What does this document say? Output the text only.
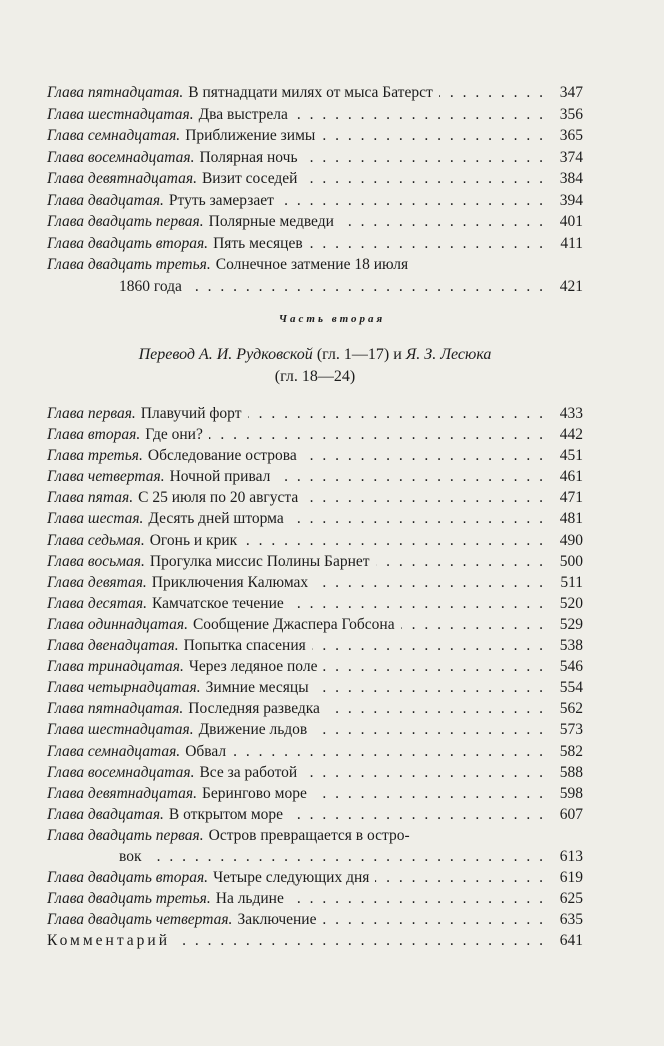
Глава пятнадцатая. В пятнадцати милях от мыса Батерст . . .	347
Глава шестнадцатая. Два выстрела . . .	356
Глава семнадцатая. Приближение зимы . . .	365
Глава восемнадцатая. Полярная ночь . . .	374
Глава девятнадцатая. Визит соседей . . .	384
Глава двадцатая. Ртуть замерзает . . .	394
Глава двадцать первая. Полярные медведи . . .	401
Глава двадцать вторая. Пять месяцев . . .	411
Глава двадцать третья. Солнечное затмение 18 июля
1860 года . . .	421
Часть вторая
Перевод А. И. Рудковской (гл. 1—17) и Я. З. Лесюка
(гл. 18—24)
Глава первая. Плавучий форт . . .	433
Глава вторая. Где они? . . .	442
Глава третья. Обследование острова . . .	451
Глава четвертая. Ночной привал . . .	461
Глава пятая. С 25 июля по 20 августа . . .	471
Глава шестая. Десять дней шторма . . .	481
Глава седьмая. Огонь и крик . . .	490
Глава восьмая. Прогулка миссис Полины Барнет . . .	500
Глава девятая. Приключения Калюмах . . .	511
Глава десятая. Камчатское течение . . .	520
Глава одиннадцатая. Сообщение Джаспера Гобсона . . .	529
Глава двенадцатая. Попытка спасения . . .	538
Глава тринадцатая. Через ледяное поле . . .	546
Глава четырнадцатая. Зимние месяцы . . .	554
Глава пятнадцатая. Последняя разведка . . .	562
Глава шестнадцатая. Движение льдов . . .	573
Глава семнадцатая. Обвал . . .	582
Глава восемнадцатая. Все за работой . . .	588
Глава девятнадцатая. Берингово море . . .	598
Глава двадцатая. В открытом море . . .	607
Глава двадцать первая. Остров превращается в остро-
вок . . .	613
Глава двадцать вторая. Четыре следующих дня . . .	619
Глава двадцать третья. На льдине . . .	625
Глава двадцать четвертая. Заключение . . .	635
Комментарий . . .	641
